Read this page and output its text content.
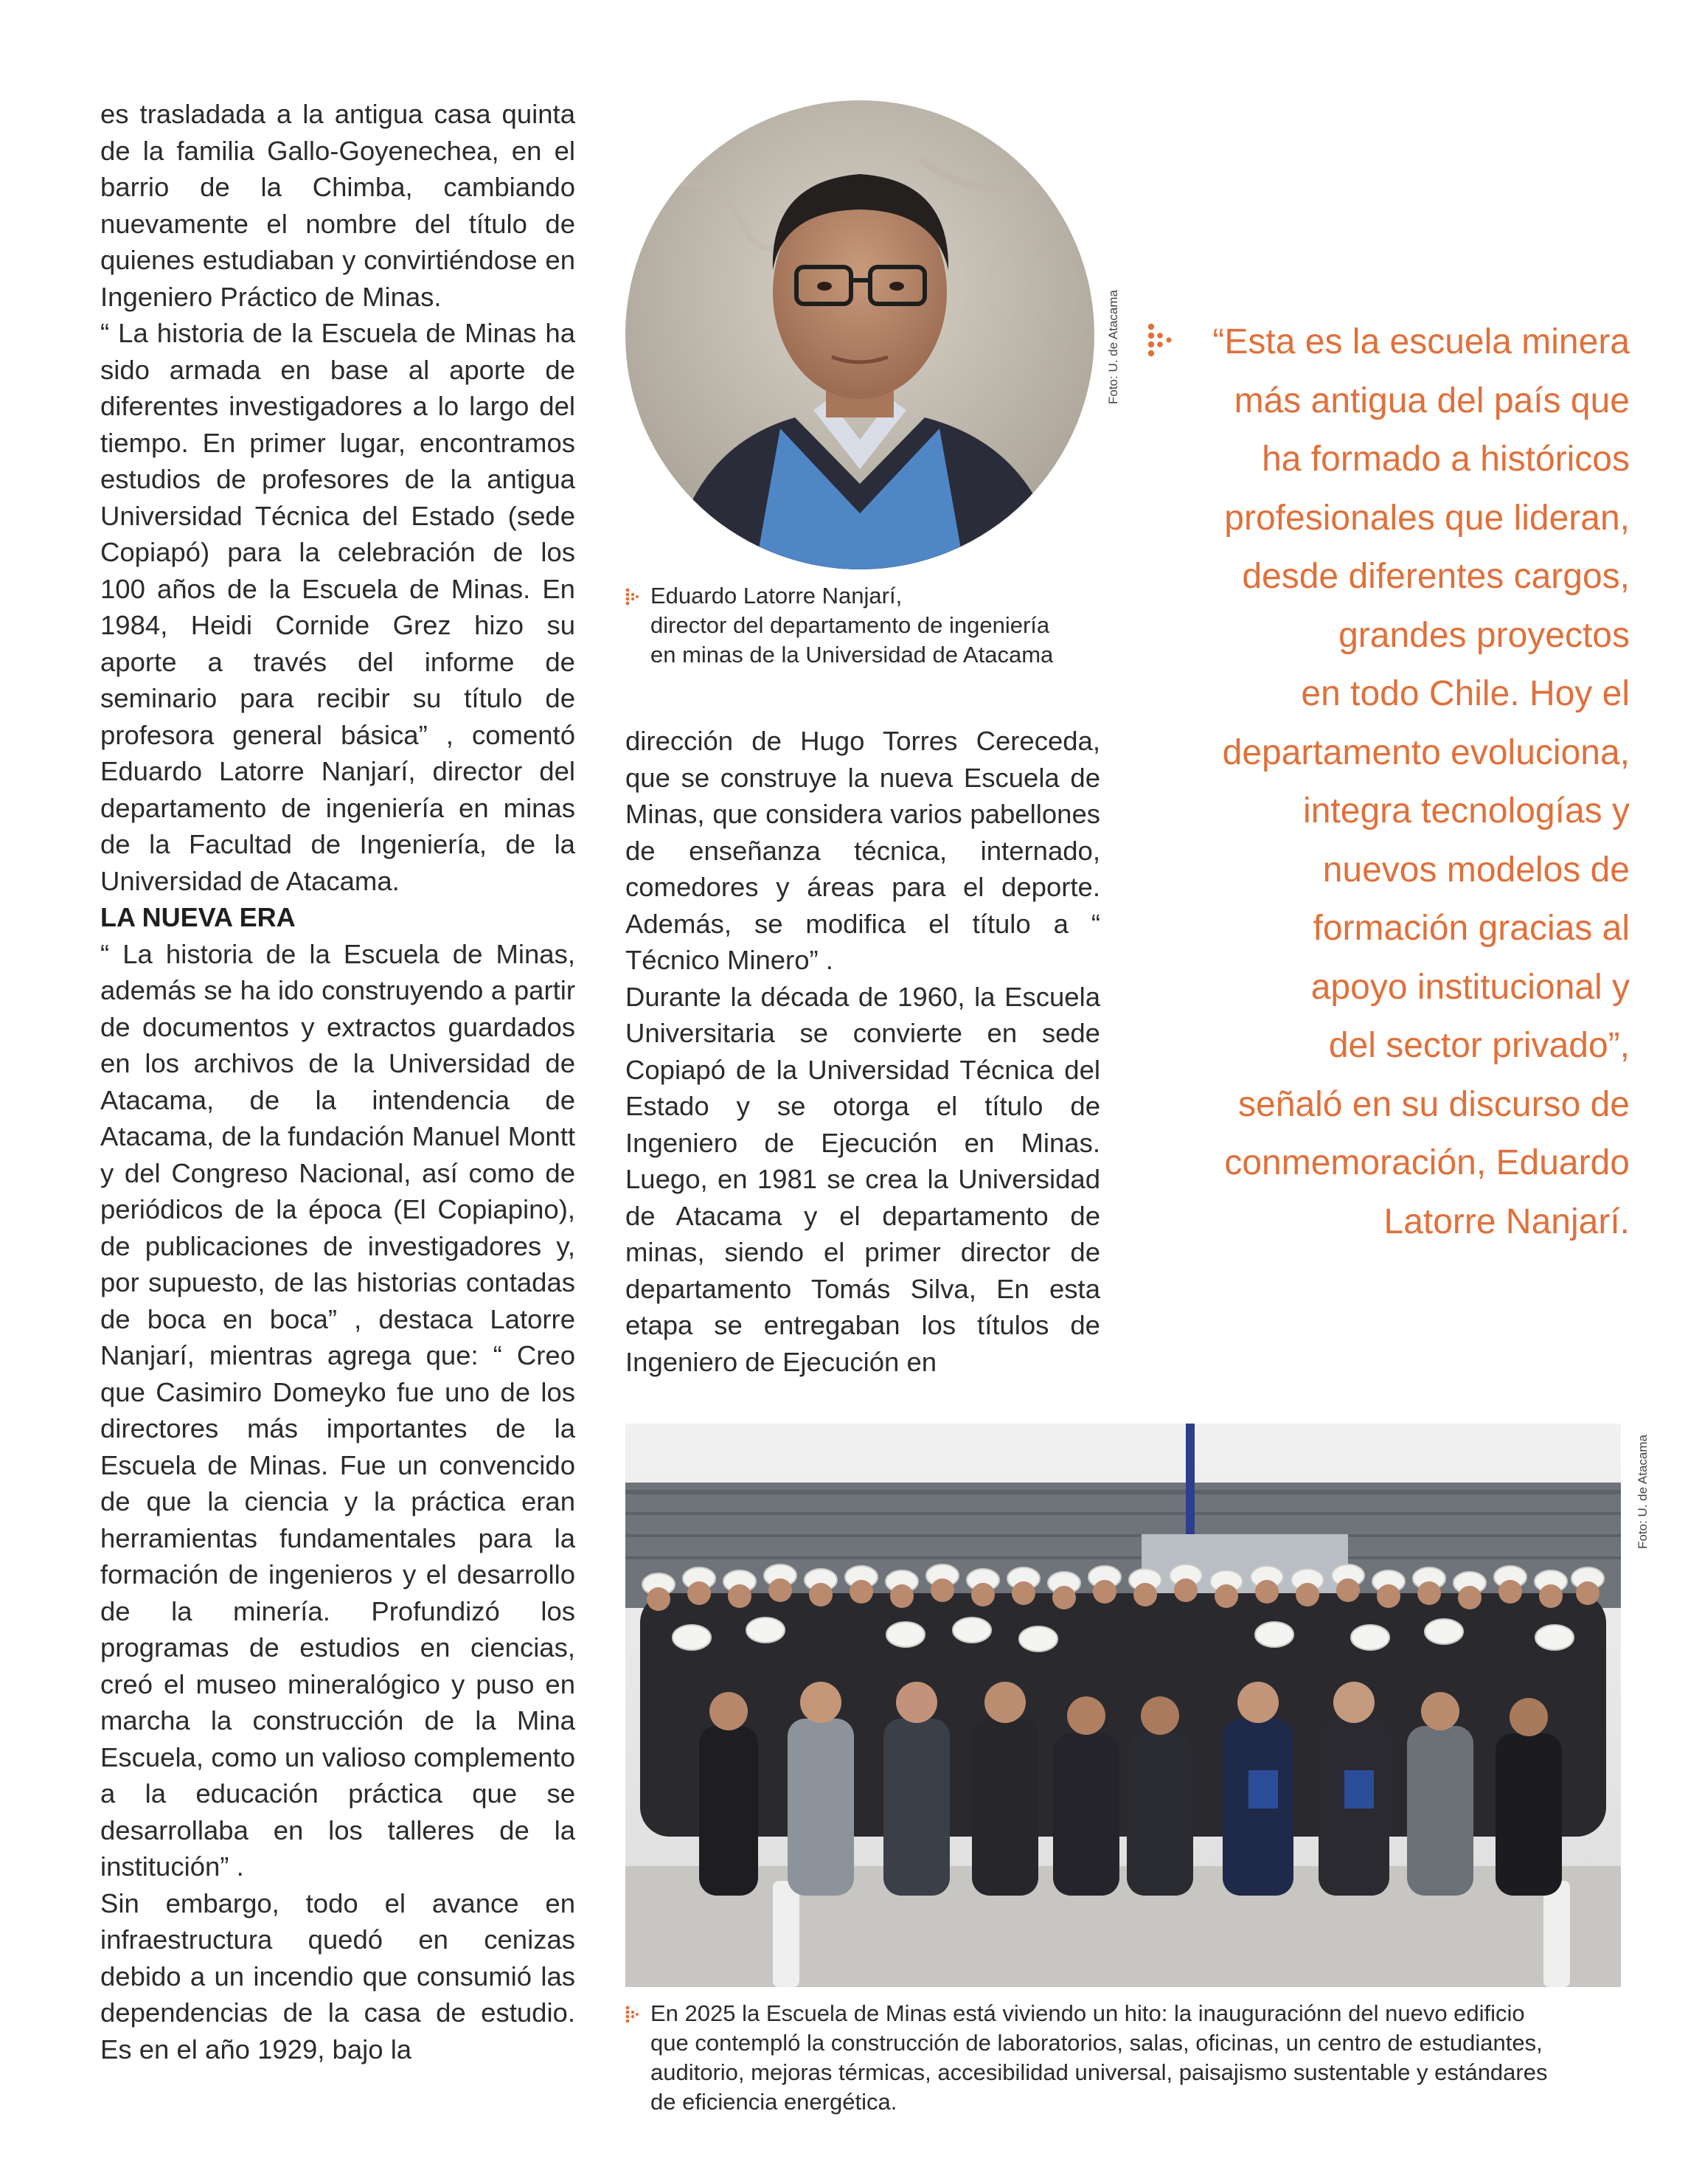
es trasladada a la antigua casa quinta de la familia Gallo-Goyenechea, en el barrio de la Chimba, cambiando nuevamente el nombre del título de quienes estudiaban y convirtiéndose en Ingeniero Práctico de Minas.

“ La historia de la Escuela de Minas ha sido armada en base al aporte de diferentes investigadores a lo largo del tiempo. En primer lugar, encontramos estudios de profesores de la antigua Universidad Técnica del Estado (sede Copiapó) para la celebración de los 100 años de la Escuela de Minas. En 1984, Heidi Cornide Grez hizo su aporte a través del informe de seminario para recibir su título de profesora general básica” , comentó Eduardo Latorre Nanjarí, director del departamento de ingeniería en minas de la Facultad de Ingeniería, de la Universidad de Atacama.

LA NUEVA ERA

“ La historia de la Escuela de Minas, además se ha ido construyendo a partir de documentos y extractos guardados en los archivos de la Universidad de Atacama, de la intendencia de Atacama, de la fundación Manuel Montt y del Congreso Nacional, así como de periódicos de la época (El Copiapino), de publicaciones de investigadores y, por supuesto, de las historias contadas de boca en boca” , destaca Latorre Nanjarí, mientras agrega que: “ Creo que Casimiro Domeyko fue uno de los directores más importantes de la Escuela de Minas. Fue un convencido de que la ciencia y la práctica eran herramientas fundamentales para la formación de ingenieros y el desarrollo de la minería. Profundizó los programas de estudios en ciencias, creó el museo mineralógico y puso en marcha la construcción de la Mina Escuela, como un valioso complemento a la educación práctica que se desarrollaba en los talleres de la institución” .

Sin embargo, todo el avance en infraestructura quedó en cenizas debido a un incendio que consumió las dependencias de la casa de estudio. Es en el año 1929, bajo la

Foto: U. de Atacama
Eduardo Latorre Nanjarí,
director del departamento de ingeniería
en minas de la Universidad de Atacama

dirección de Hugo Torres Cereceda, que se construye la nueva Escuela de Minas, que considera varios pabellones de enseñanza técnica, internado, comedores y áreas para el deporte. Además, se modifica el título a “ Técnico Minero” .

Durante la década de 1960, la Escuela Universitaria se convierte en sede Copiapó de la Universidad Técnica del Estado y se otorga el título de Ingeniero de Ejecución en Minas. Luego, en 1981 se crea la Universidad de Atacama y el departamento de minas, siendo el primer director de departamento Tomás Silva, En esta etapa se entregaban los títulos de Ingeniero de Ejecución en

“Esta es la escuela minera
más antigua del país que
ha formado a históricos
profesionales que lideran,
desde diferentes cargos,
grandes proyectos
en todo Chile. Hoy el
departamento evoluciona,
integra tecnologías y
nuevos modelos de
formación gracias al
apoyo institucional y
del sector privado”,
señaló en su discurso de
conmemoración, Eduardo
Latorre Nanjarí.
Foto: U. de Atacama
En 2025 la Escuela de Minas está viviendo un hito: la inauguraciónn del nuevo edificio
que contempló la construcción de laboratorios, salas, oficinas, un centro de estudiantes,
auditorio, mejoras térmicas, accesibilidad universal, paisajismo sustentable y estándares
de eficiencia energética.
